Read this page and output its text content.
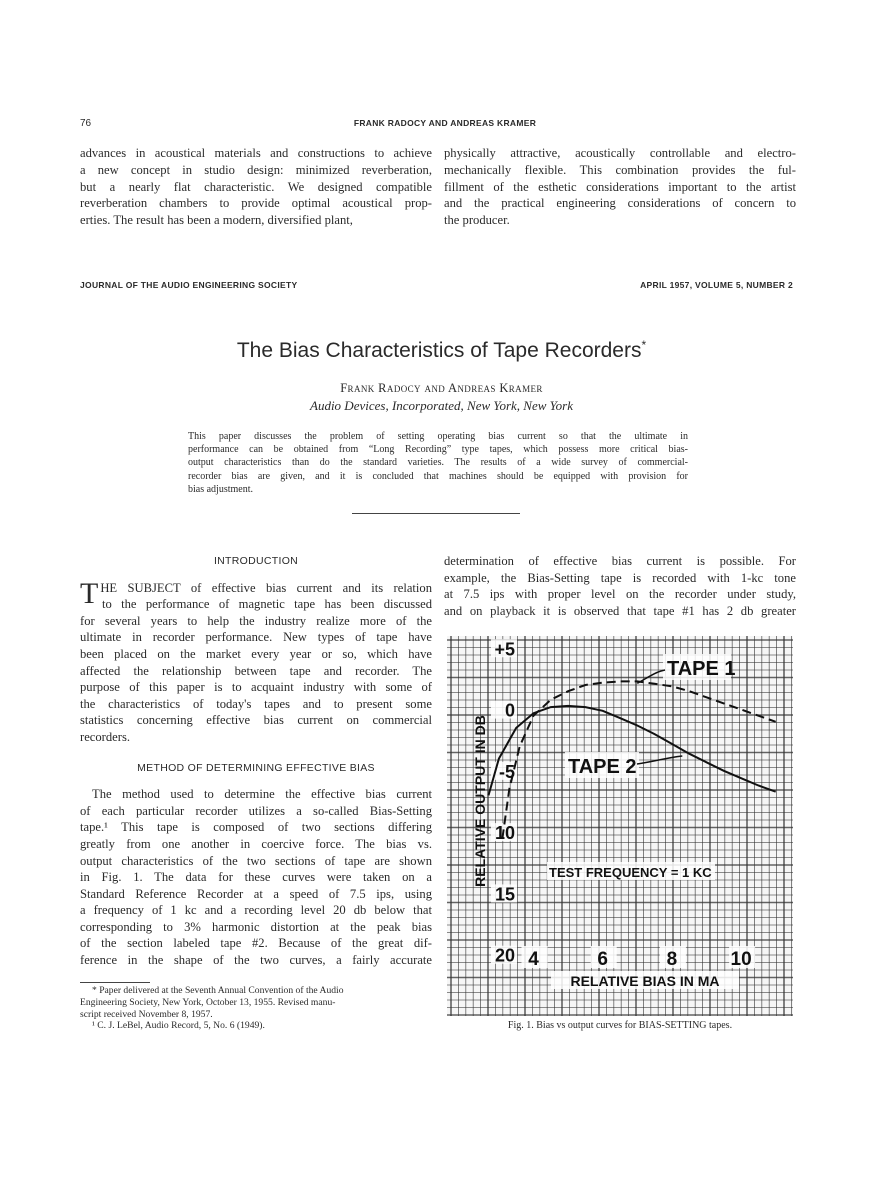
76	FRANK RADOCY AND ANDREAS KRAMER
advances in acoustical materials and constructions to achieve
a new concept in studio design: minimized reverberation,
but a nearly flat characteristic. We designed compatible
reverberation chambers to provide optimal acoustical prop-
erties. The result has been a modern, diversified plant,
physically attractive, acoustically controllable and electro-
mechanically flexible. This combination provides the ful-
fillment of the esthetic considerations important to the artist
and the practical engineering considerations of concern to
the producer.
JOURNAL OF THE AUDIO ENGINEERING SOCIETY	APRIL 1957, VOLUME 5, NUMBER 2
The Bias Characteristics of Tape Recorders*
Frank Radocy and Andreas Kramer
Audio Devices, Incorporated, New York, New York
This paper discusses the problem of setting operating bias current so that the ultimate in
performance can be obtained from “Long Recording” type tapes, which possess more critical bias-
output characteristics than do the standard varieties. The results of a wide survey of commercial-
recorder bias are given, and it is concluded that machines should be equipped with provision for
bias adjustment.
INTRODUCTION
T HE SUBJECT of effective bias current and its relation
to the performance of magnetic tape has been discussed
for several years to help the industry realize more of the
ultimate in recorder performance. New types of tape have
been placed on the market every year or so, which have
affected the relationship between tape and recorder. The
purpose of this paper is to acquaint industry with some of
the characteristics of today's tapes and to present some
statistics concerning effective bias current on commercial
recorders.
METHOD OF DETERMINING EFFECTIVE BIAS
The method used to determine the effective bias current
of each particular recorder utilizes a so-called Bias-Setting
tape.¹ This tape is composed of two sections differing
greatly from one another in coercive force. The bias vs.
output characteristics of the two sections of tape are shown
in Fig. 1. The data for these curves were taken on a
Standard Reference Recorder at a speed of 7.5 ips, using
a frequency of 1 kc and a recording level 20 db below that
corresponding to 3% harmonic distortion at the peak bias
of the section labeled tape #2. Because of the great dif-
ference in the shape of the two curves, a fairly accurate
* Paper delivered at the Seventh Annual Convention of the Audio
Engineering Society, New York, October 13, 1955. Revised manu-
script received November 8, 1957.
¹ C. J. LeBel, Audio Record, 5, No. 6 (1949).
determination of effective bias current is possible. For
example, the Bias-Setting tape is recorded with 1-kc tone
at 7.5 ips with proper level on the recorder under study,
and on playback it is observed that tape #1 has 2 db greater
+5
0
-5
10
15
20 4	6	8	10
RELATIVE BIAS IN MA
RELATIVE OUTPUT IN DB	TEST FREQUENCY = 1 KC
TAPE 1
TAPE 2
Fig. 1. Bias vs output curves for BIAS-SETTING tapes.
